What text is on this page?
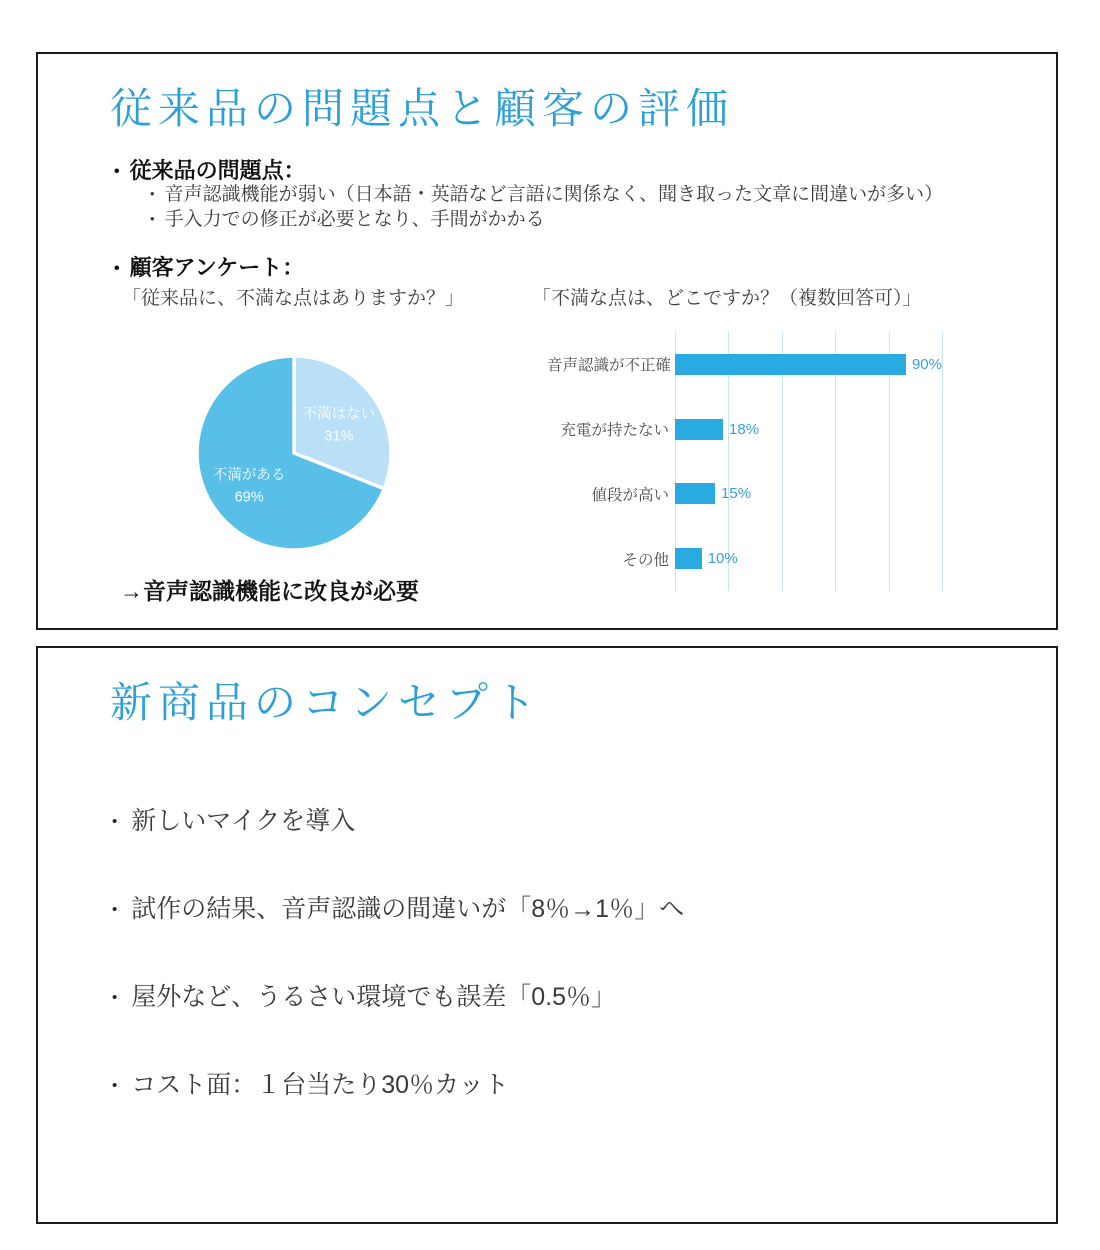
従来品の問題点と顧客の評価
• 従来品の問題点：
• 音声認識機能が弱い（日本語・英語など言語に関係なく、聞き取った文章に間違いが多い）
• 手入力での修正が必要となり、手間がかかる
• 顧客アンケート：
「従来品に、不満な点はありますか？」	「不満な点は、どこですか？（複数回答可）」
不満はない
31%
不満がある
69%
音声認識が不正確	90%
充電が持たない	18%
値段が高い	15%
その他	10%
→音声認識機能に改良が必要
新商品のコンセプト
• 新しいマイクを導入
• 試作の結果、音声認識の間違いが「8％→1％」へ
• 屋外など、うるさい環境でも誤差「0.5％」
• コスト面：１台当たり30％カット
